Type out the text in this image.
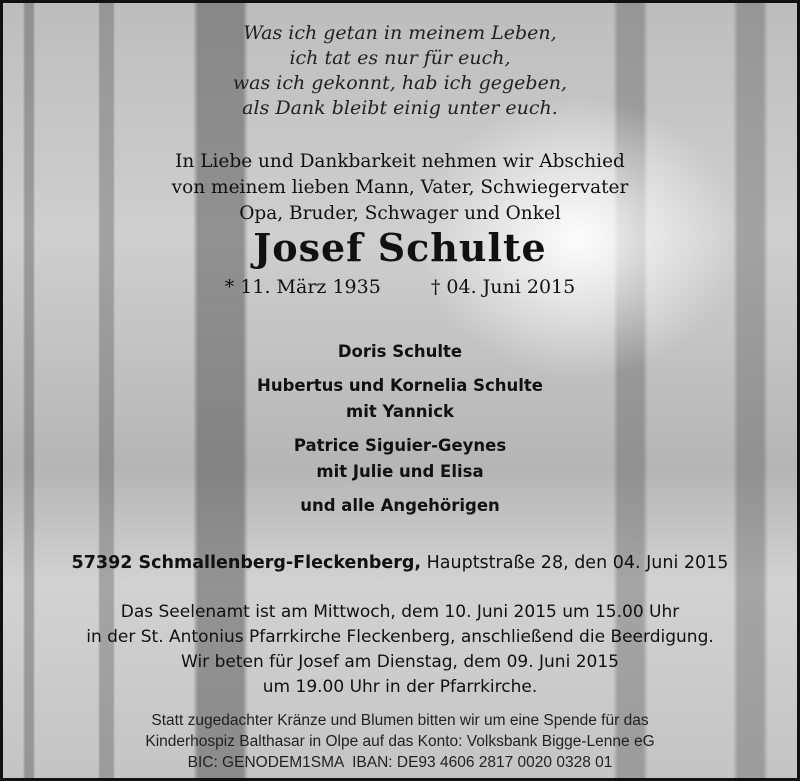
Was ich getan in meinem Leben,
ich tat es nur für euch,
was ich gekonnt, hab ich gegeben,
als Dank bleibt einig unter euch.
In Liebe und Dankbarkeit nehmen wir Abschied
von meinem lieben Mann, Vater, Schwiegervater
Opa, Bruder, Schwager und Onkel
Josef Schulte
* 11. März 1935	† 04. Juni 2015
Doris Schulte
Hubertus und Kornelia Schulte
mit Yannick
Patrice Siguier-Geynes
mit Julie und Elisa
und alle Angehörigen
57392 Schmallenberg-Fleckenberg, Hauptstraße 28, den 04. Juni 2015
Das Seelenamt ist am Mittwoch, dem 10. Juni 2015 um 15.00 Uhr
in der St. Antonius Pfarrkirche Fleckenberg, anschließend die Beerdigung.
Wir beten für Josef am Dienstag, dem 09. Juni 2015
um 19.00 Uhr in der Pfarrkirche.
Statt zugedachter Kränze und Blumen bitten wir um eine Spende für das
Kinderhospiz Balthasar in Olpe auf das Konto: Volksbank Bigge-Lenne eG
BIC: GENODEM1SMA  IBAN: DE93 4606 2817 0020 0328 01
